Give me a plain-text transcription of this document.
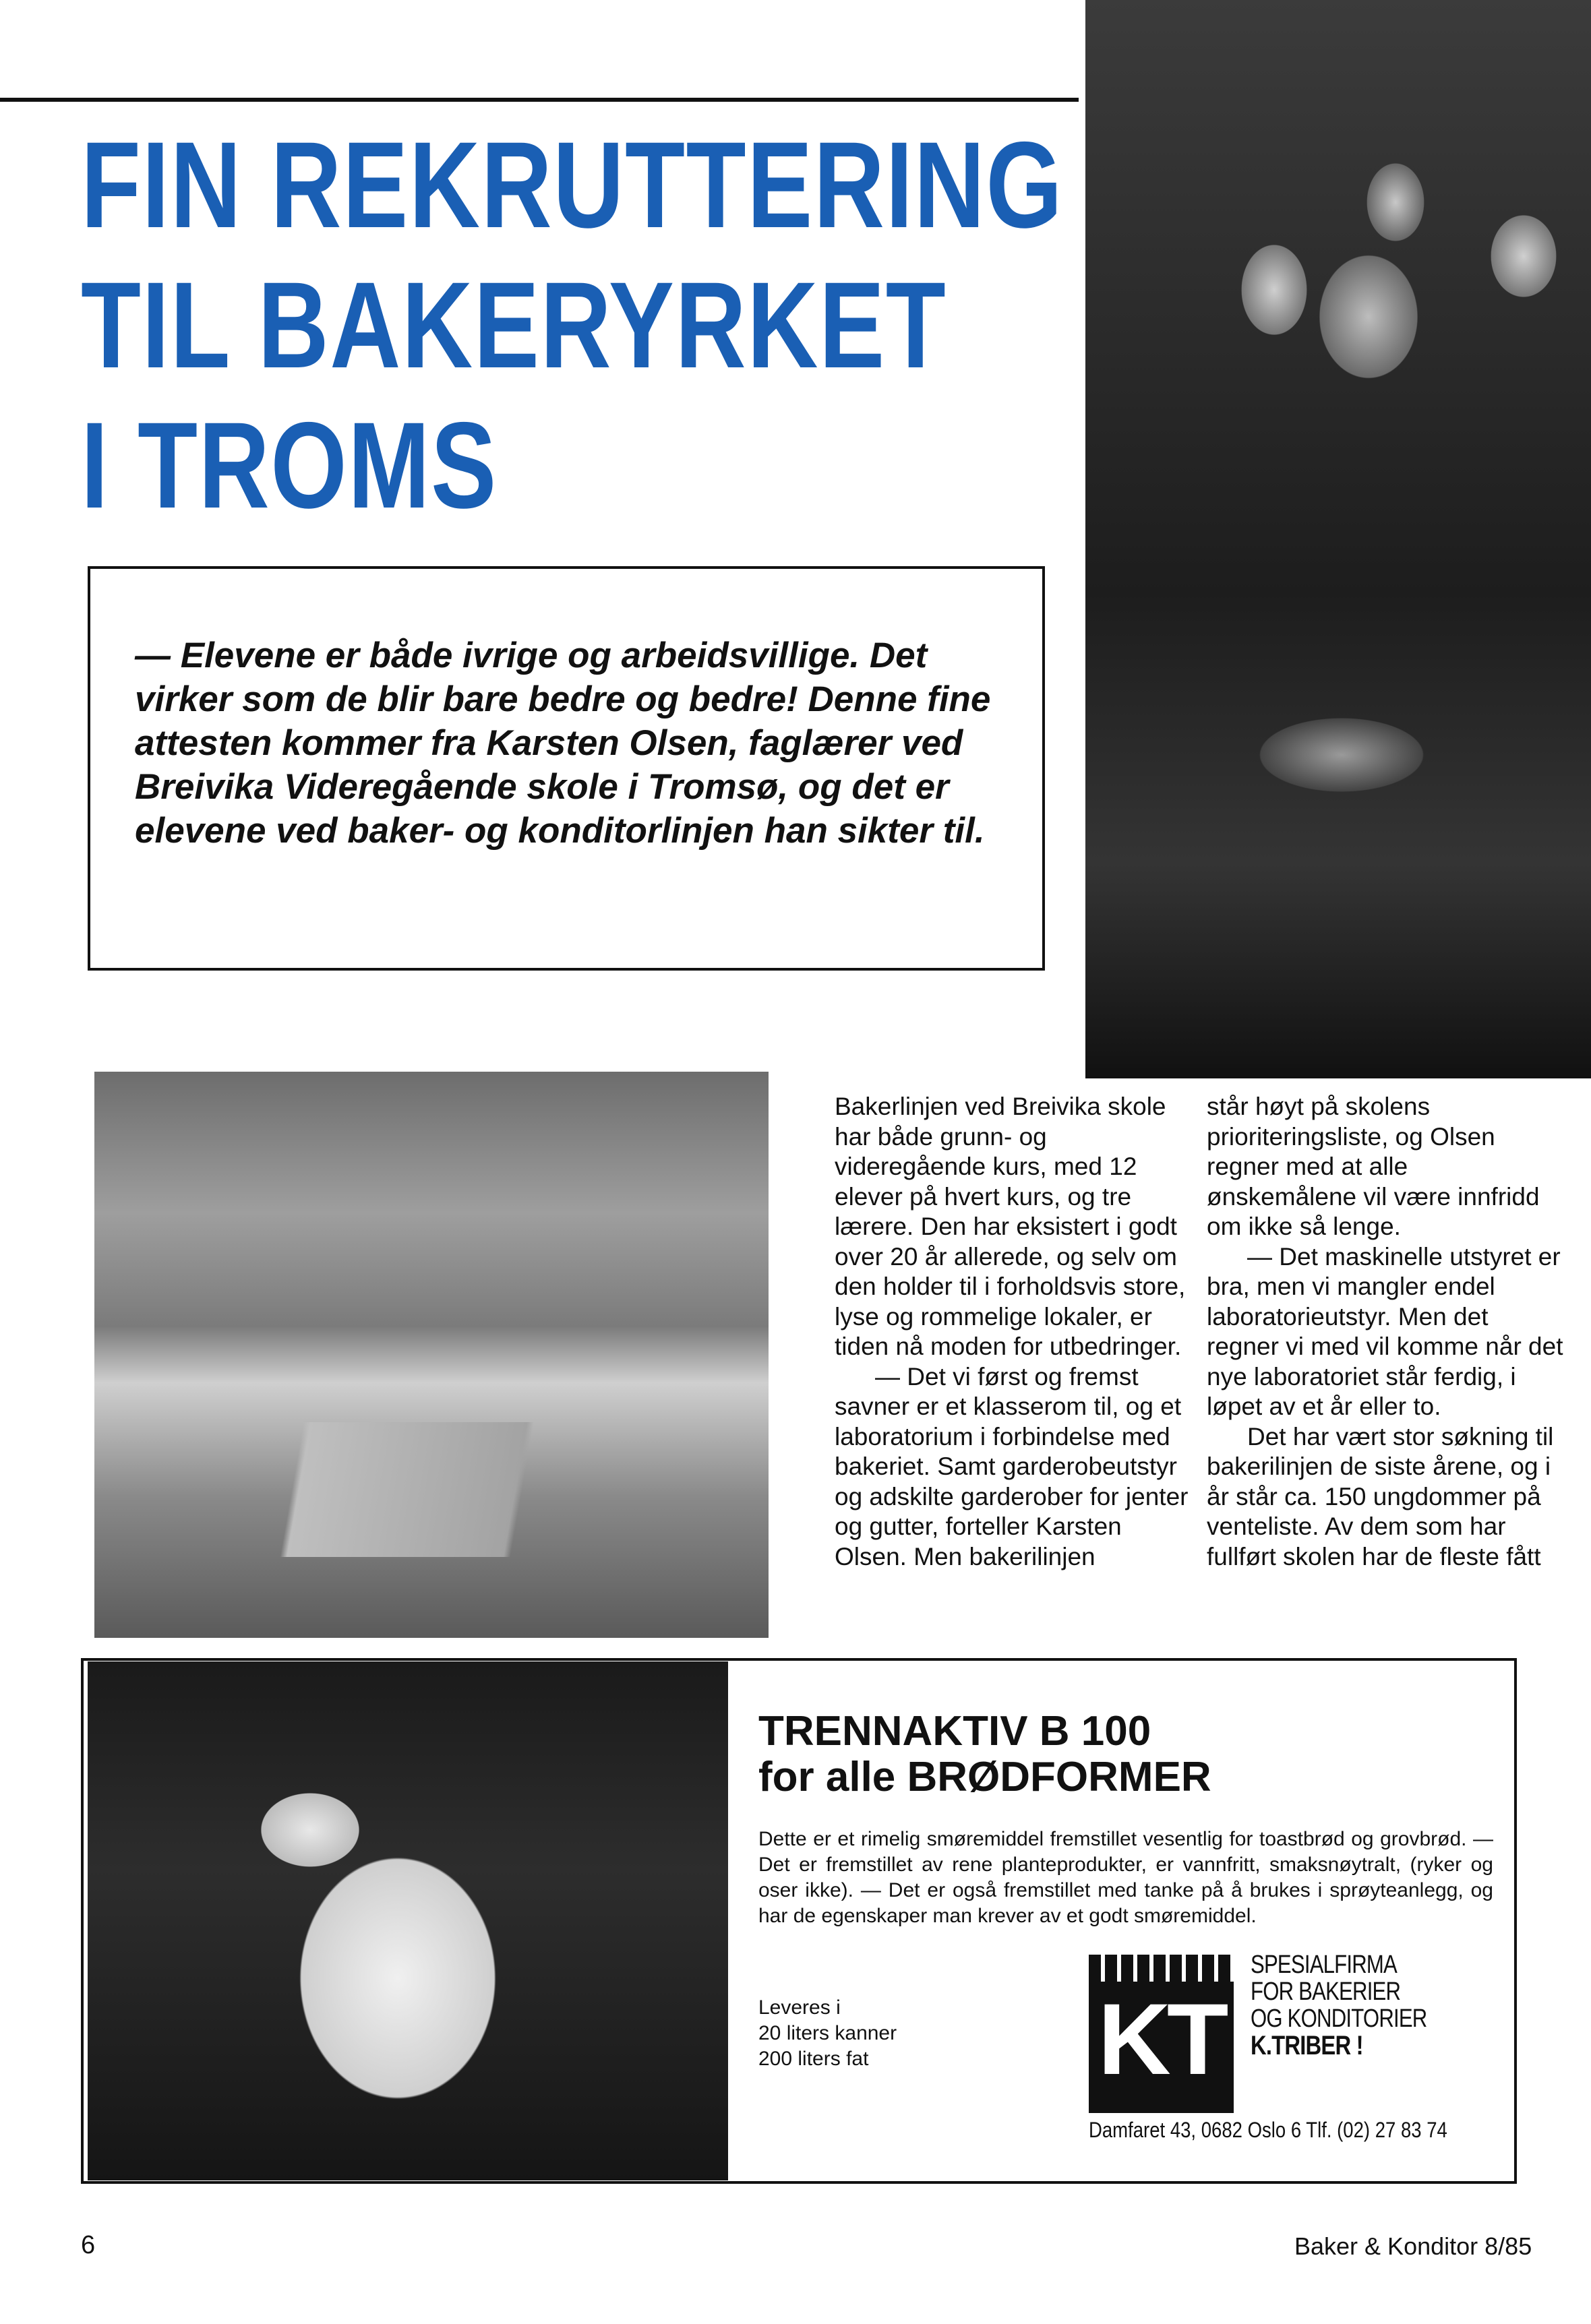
FIN REKRUTTERING
TIL BAKERYRKET
I TROMS

— Elevene er både ivrige og arbeidsvillige. Det virker som de blir bare bedre og bedre! Denne fine attesten kommer fra Karsten Olsen, faglærer ved Breivika Videregående skole i Tromsø, og det er elevene ved baker- og konditorlinjen han sikter til.

Bakerlinjen ved Breivika skole har både grunn- og videregående kurs, med 12 elever på hvert kurs, og tre lærere. Den har eksistert i godt over 20 år allerede, og selv om den holder til i forholdsvis store, lyse og rommelige lokaler, er tiden nå moden for utbedringer.

— Det vi først og fremst savner er et klasserom til, og et laboratorium i forbindelse med bakeriet. Samt garderobeutstyr og adskilte garderober for jenter og gutter, forteller Karsten Olsen. Men bakerilinjen

står høyt på skolens prioriteringsliste, og Olsen regner med at alle ønskemålene vil være innfridd om ikke så lenge.

— Det maskinelle utstyret er bra, men vi mangler endel laboratorieutstyr. Men det regner vi med vil komme når det nye laboratoriet står ferdig, i løpet av et år eller to.

Det har vært stor søkning til bakerilinjen de siste årene, og i år står ca. 150 ungdommer på venteliste. Av dem som har fullført skolen har de fleste fått

TRENNAKTIV B 100
for alle BRØDFORMER

Dette er et rimelig smøremiddel fremstillet vesentlig for toastbrød og grovbrød. — Det er fremstillet av rene planteprodukter, er vannfritt, smaksnøytralt, (ryker og oser ikke). — Det er også fremstillet med tanke på å brukes i sprøyteanlegg, og har de egenskaper man krever av et godt smøremiddel.

Leveres i
20 liters kanner
200 liters fat	KT

SPESIALFIRMA
FOR BAKERIER
OG KONDITORIER
K.TRIBER !

Damfaret 43, 0682 Oslo 6 Tlf. (02) 27 83 74

6	Baker & Konditor 8/85
